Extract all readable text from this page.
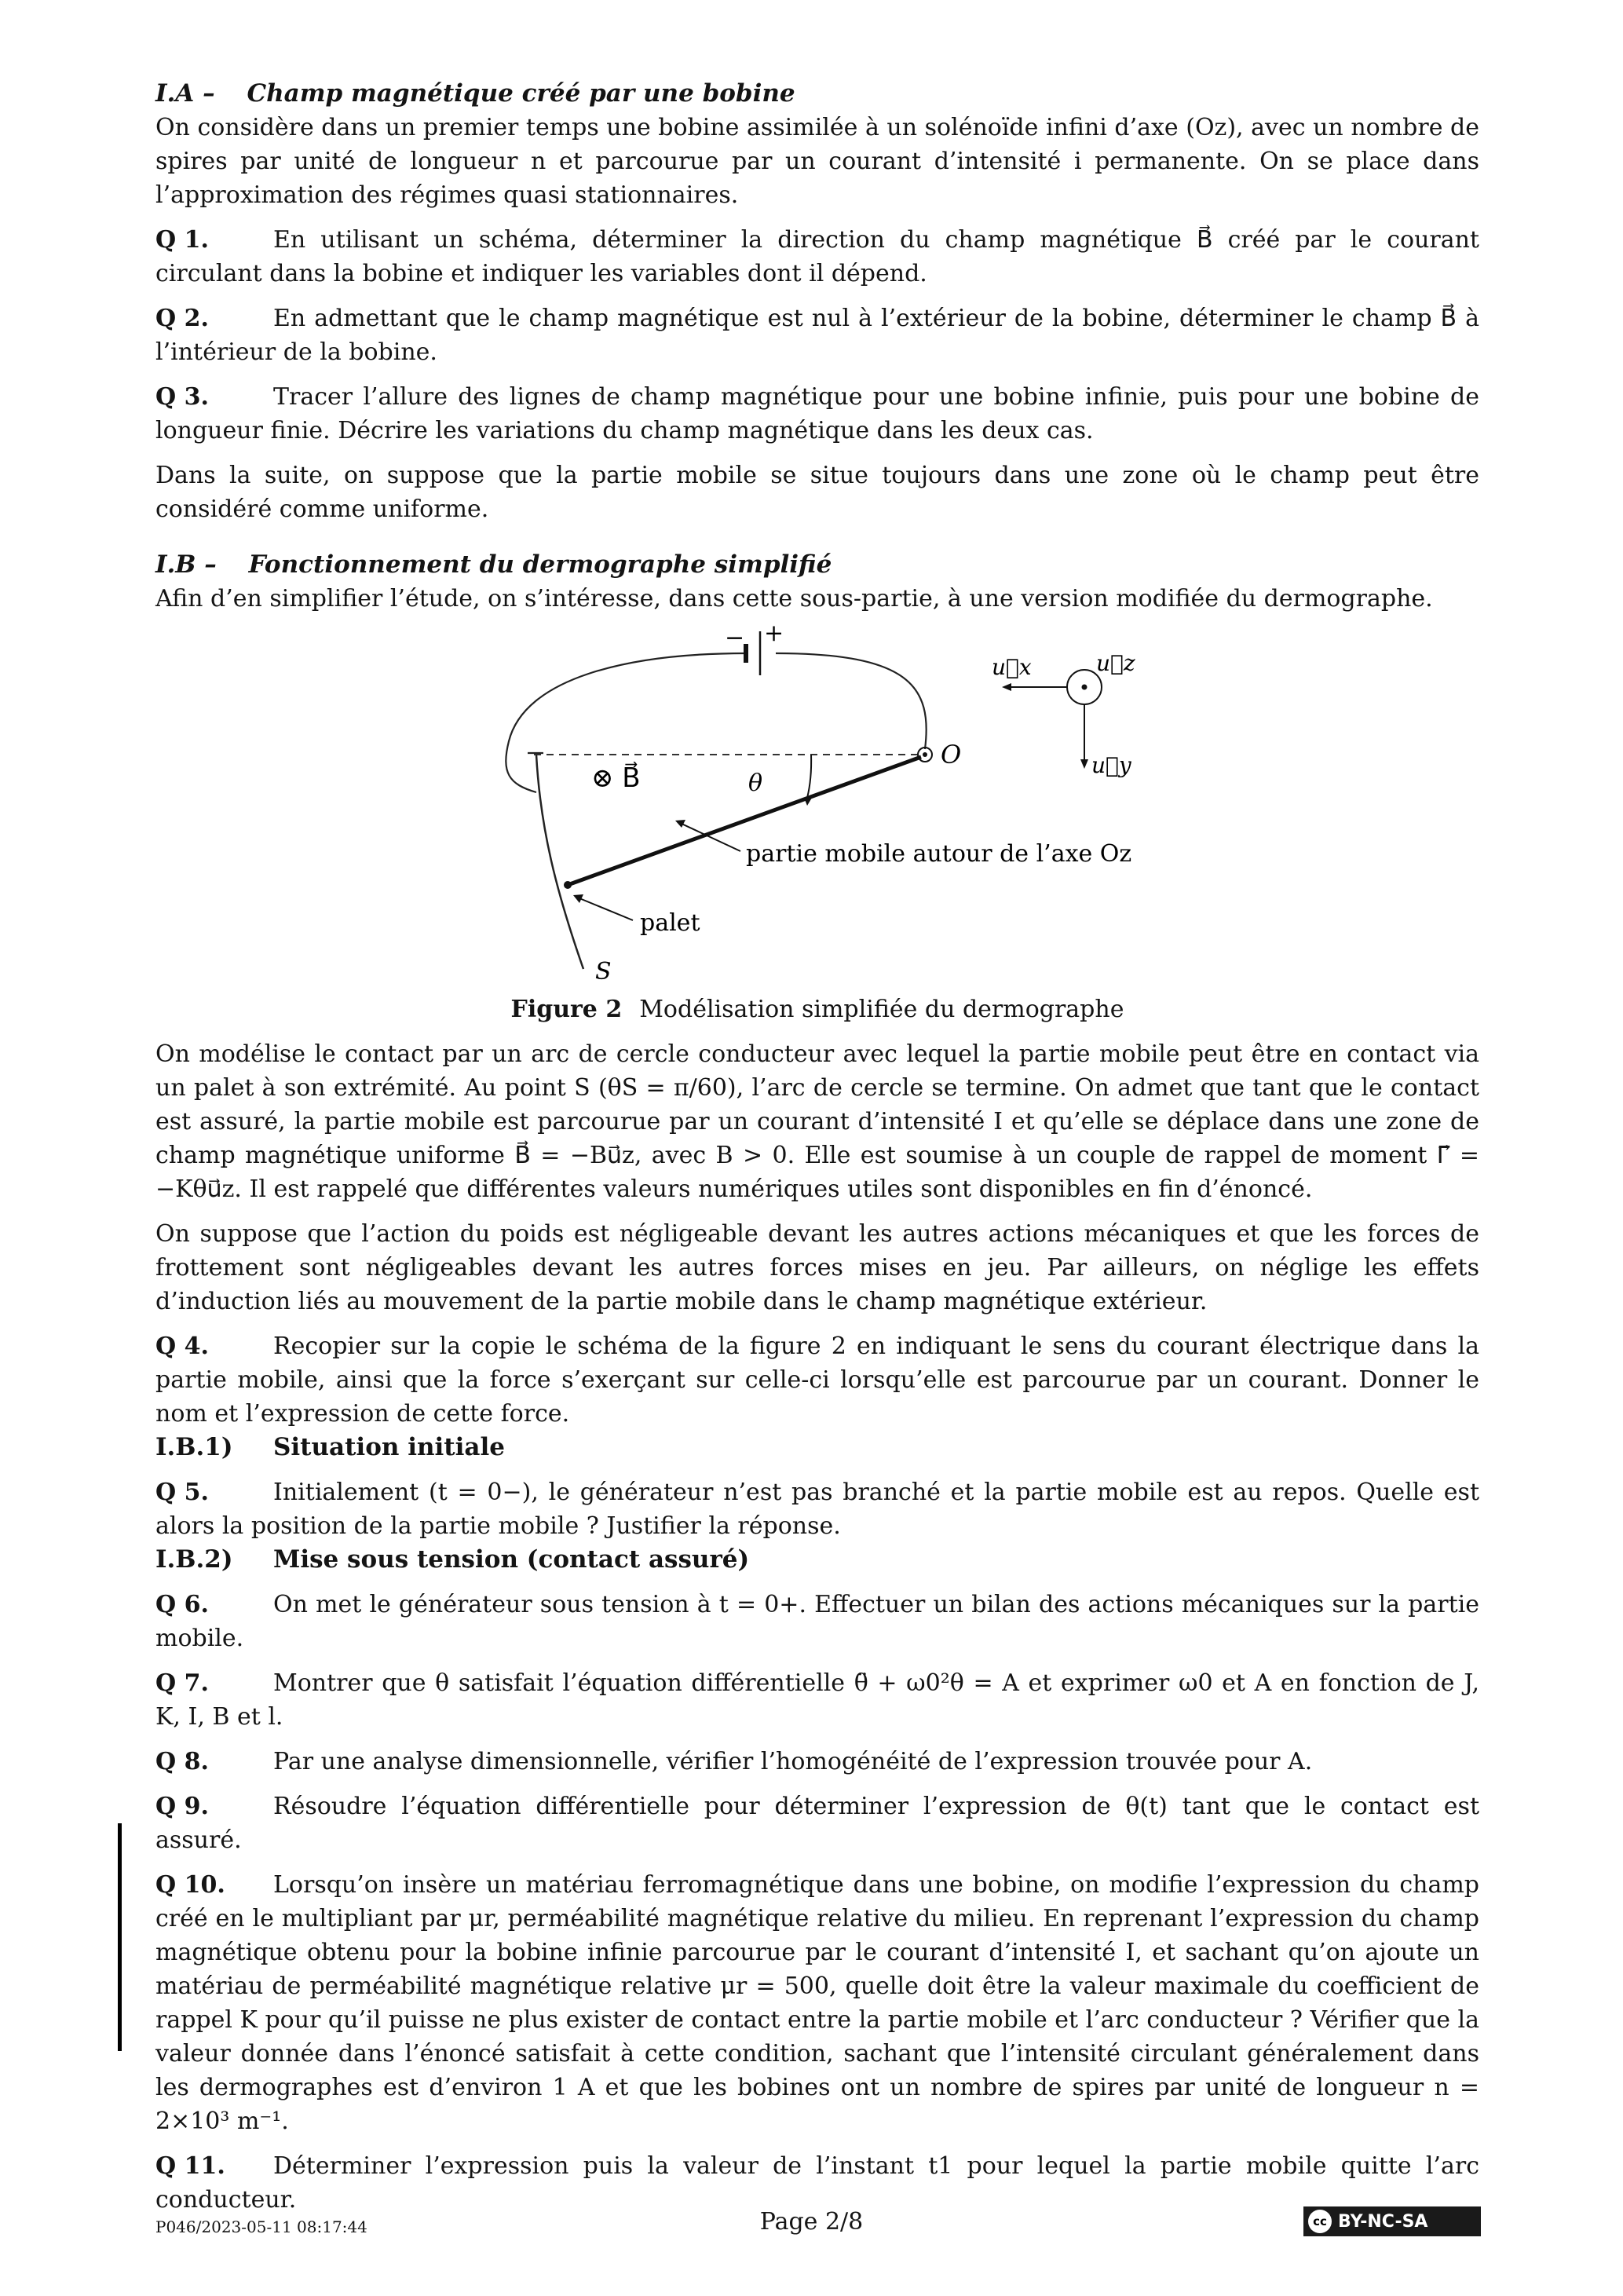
I.A – Champ magnétique créé par une bobine

On considère dans un premier temps une bobine assimilée à un solénoïde infini d’axe (Oz), avec un nombre de spires par unité de longueur n et parcourue par un courant d’intensité i permanente. On se place dans l’approximation des régimes quasi stationnaires.

Q 1.	En utilisant un schéma, déterminer la direction du champ magnétique B⃗ créé par le courant circulant dans la bobine et indiquer les variables dont il dépend.

Q 2.	En admettant que le champ magnétique est nul à l’extérieur de la bobine, déterminer le champ B⃗ à l’intérieur de la bobine.

Q 3.	Tracer l’allure des lignes de champ magnétique pour une bobine infinie, puis pour une bobine de longueur finie. Décrire les variations du champ magnétique dans les deux cas.

Dans la suite, on suppose que la partie mobile se situe toujours dans une zone où le champ peut être considéré comme uniforme.

I.B – Fonctionnement du dermographe simplifié

Afin d’en simplifier l’étude, on s’intéresse, dans cette sous-partie, à une version modifiée du dermographe.

− +
O
θ
⊗ B⃗
partie mobile autour de l’axe Oz
palet
S
u⃗x	u⃗z
u⃗y

Figure 2 Modélisation simplifiée du dermographe

On modélise le contact par un arc de cercle conducteur avec lequel la partie mobile peut être en contact via un palet à son extrémité. Au point S (θS = π/60), l’arc de cercle se termine. On admet que tant que le contact est assuré, la partie mobile est parcourue par un courant d’intensité I et qu’elle se déplace dans une zone de champ magnétique uniforme B⃗ = −Bu⃗z, avec B > 0. Elle est soumise à un couple de rappel de moment Γ⃗ = −Kθu⃗z. Il est rappelé que différentes valeurs numériques utiles sont disponibles en fin d’énoncé.

On suppose que l’action du poids est négligeable devant les autres actions mécaniques et que les forces de frottement sont négligeables devant les autres forces mises en jeu. Par ailleurs, on néglige les effets d’induction liés au mouvement de la partie mobile dans le champ magnétique extérieur.

Q 4.	Recopier sur la copie le schéma de la figure 2 en indiquant le sens du courant électrique dans la partie mobile, ainsi que la force s’exerçant sur celle-ci lorsqu’elle est parcourue par un courant. Donner le nom et l’expression de cette force.

I.B.1) Situation initiale

Q 5.	Initialement (t = 0−), le générateur n’est pas branché et la partie mobile est au repos. Quelle est alors la position de la partie mobile ? Justifier la réponse.

I.B.2) Mise sous tension (contact assuré)

Q 6.	On met le générateur sous tension à t = 0+. Effectuer un bilan des actions mécaniques sur la partie mobile.

Q 7.	Montrer que θ satisfait l’équation différentielle θ̈ + ω0²θ = A et exprimer ω0 et A en fonction de J, K, I, B et l.

Q 8.	Par une analyse dimensionnelle, vérifier l’homogénéité de l’expression trouvée pour A.

Q 9.	Résoudre l’équation différentielle pour déterminer l’expression de θ(t) tant que le contact est assuré.

Q 10. Lorsqu’on insère un matériau ferromagnétique dans une bobine, on modifie l’expression du champ créé en le multipliant par μr, perméabilité magnétique relative du milieu. En reprenant l’expression du champ magnétique obtenu pour la bobine infinie parcourue par le courant d’intensité I, et sachant qu’on ajoute un matériau de perméabilité magnétique relative μr = 500, quelle doit être la valeur maximale du coefficient de rappel K pour qu’il puisse ne plus exister de contact entre la partie mobile et l’arc conducteur ? Vérifier que la valeur donnée dans l’énoncé satisfait à cette condition, sachant que l’intensité circulant généralement dans les dermographes est d’environ 1 A et que les bobines ont un nombre de spires par unité de longueur n = 2×10³ m⁻¹.

Q 11. Déterminer l’expression puis la valeur de l’instant t1 pour lequel la partie mobile quitte l’arc conducteur.

P046/2023-05-11 08:17:44	Page 2/8	cc BY-NC-SA
